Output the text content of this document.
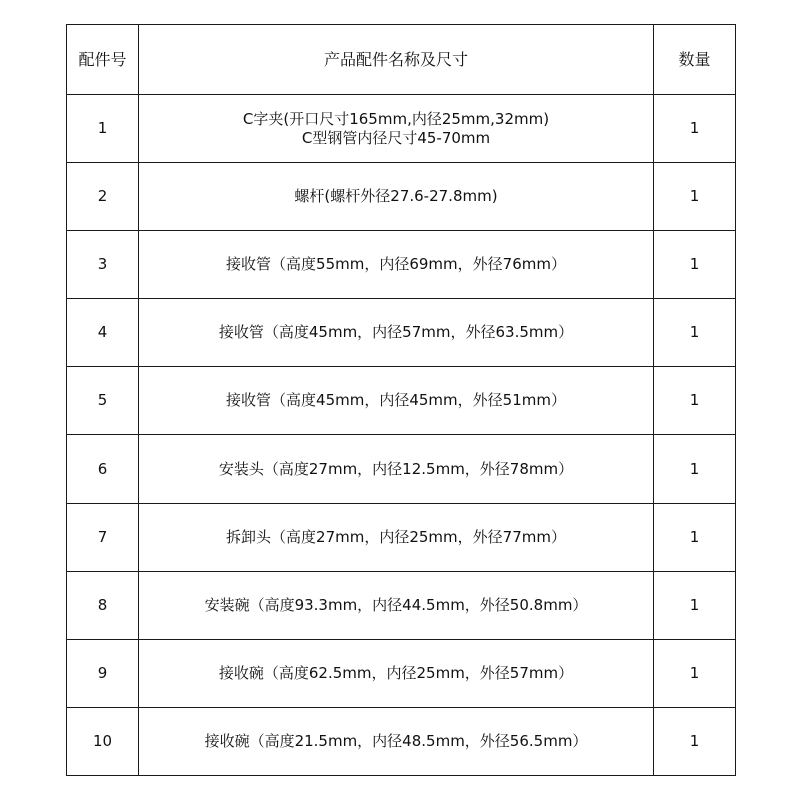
配件号	产品配件名称及尺寸	数量
1	C字夹(开口尺寸165mm,内径25mm,32mm)
C型钢管内径尺寸45-70mm	1
2	螺杆(螺杆外径27.6-27.8mm)	1
3	接收管（高度55mm，内径69mm，外径76mm）	1
4	接收管（高度45mm，内径57mm，外径63.5mm）	1
5	接收管（高度45mm，内径45mm，外径51mm）	1
6	安装头（高度27mm，内径12.5mm，外径78mm）	1
7	拆卸头（高度27mm，内径25mm，外径77mm）	1
8	安装碗（高度93.3mm，内径44.5mm，外径50.8mm）	1
9	接收碗（高度62.5mm，内径25mm，外径57mm）	1
10	接收碗（高度21.5mm，内径48.5mm，外径56.5mm）	1
